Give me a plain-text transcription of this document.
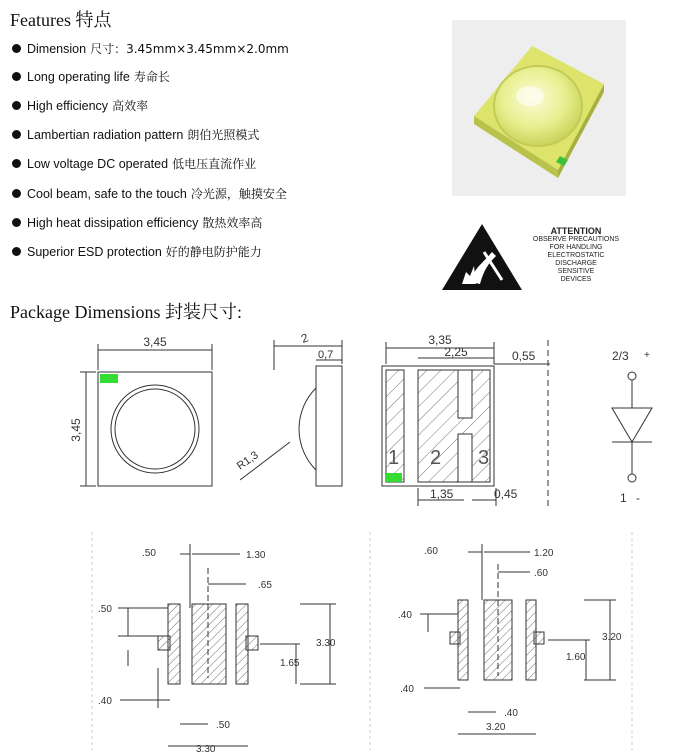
Features 特点
Dimension 尺寸：3.45mm×3.45mm×2.0mm
Long operating life 寿命长
High efficiency 高效率
Lambertian radiation pattern 朗伯光照模式
Low voltage DC operated 低电压直流作业
Cool beam, safe to the touch 冷光源，触摸安全
High heat dissipation efficiency 散热效率高
Superior ESD protection 好的静电防护能力
ATTENTION
OBSERVE PRECAUTIONS
FOR HANDLING
ELECTROSTATIC
DISCHARGE
SENSITIVE
DEVICES
Package Dimensions 封装尺寸:
3,45
3,45
2
0,7
R1,3
3,35
2,25	0,55
1 2 3
1,35	0,45
2/3 +
1 -
.50	1.30
.65
.50
3.30
1.65
.40
.50
3.30
.60	1.20
.60
.40
3.20
1.60
.40
.40
3.20
